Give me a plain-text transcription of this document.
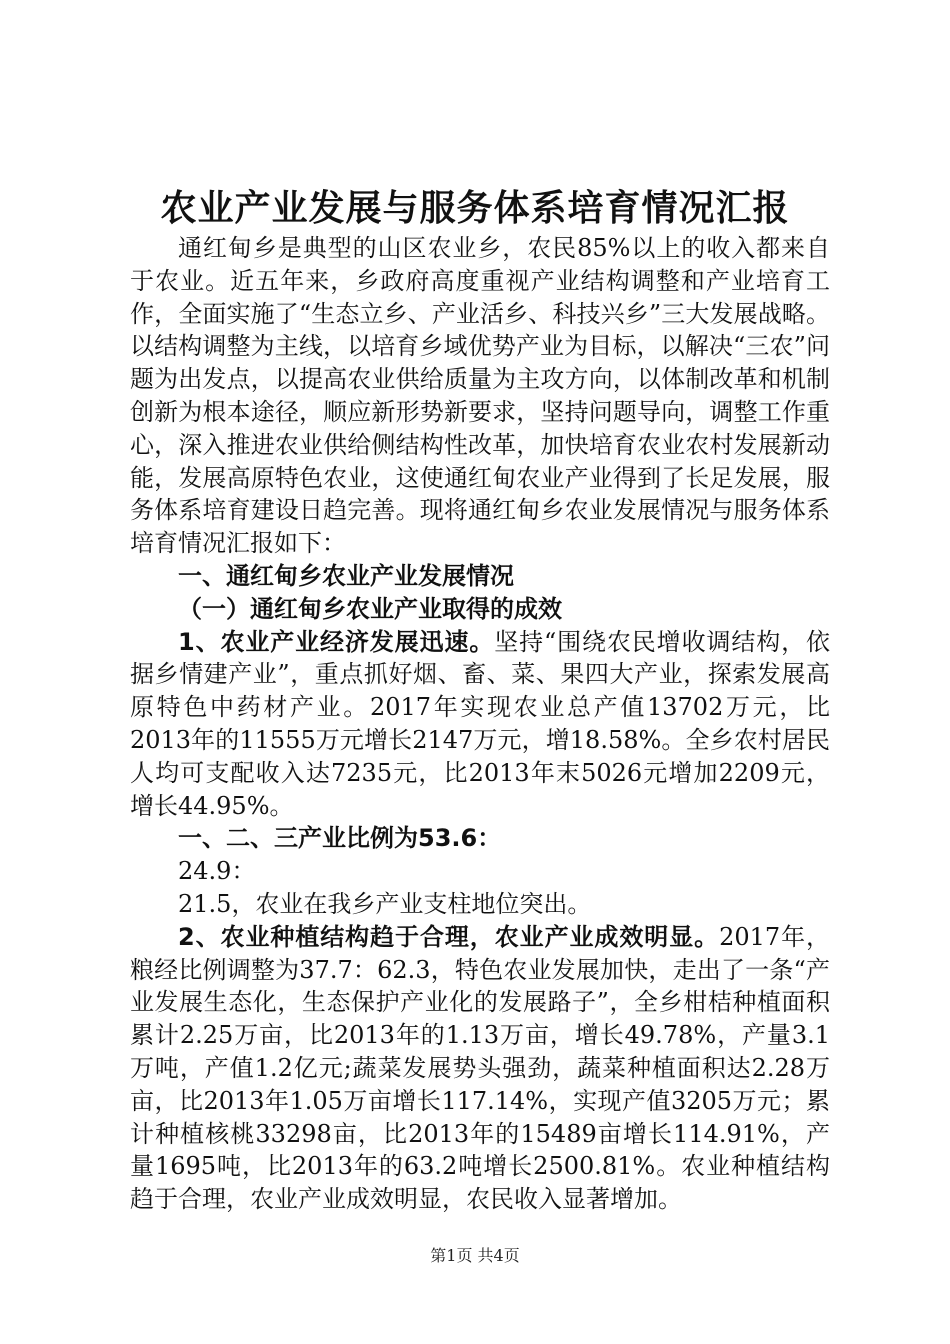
农业产业发展与服务体系培育情况汇报

通红甸乡是典型的山区农业乡，农民85%以上的收入都来自于农业。近五年来，乡政府高度重视产业结构调整和产业培育工作，全面实施了“生态立乡、产业活乡、科技兴乡”三大发展战略。以结构调整为主线，以培育乡域优势产业为目标，以解决“三农”问题为出发点，以提高农业供给质量为主攻方向，以体制改革和机制创新为根本途径，顺应新形势新要求，坚持问题导向，调整工作重心，深入推进农业供给侧结构性改革，加快培育农业农村发展新动能，发展高原特色农业，这使通红甸农业产业得到了长足发展，服务体系培育建设日趋完善。现将通红甸乡农业发展情况与服务体系培育情况汇报如下：

一、通红甸乡农业产业发展情况

（一）通红甸乡农业产业取得的成效

1、农业产业经济发展迅速。坚持“围绕农民增收调结构，依据乡情建产业”，重点抓好烟、畜、菜、果四大产业，探索发展高原特色中药材产业。2017年实现农业总产值13702万元，比2013年的11555万元增长2147万元，增18.58%。全乡农村居民人均可支配收入达7235元，比2013年末5026元增加2209元，增长44.95%。

一、二、三产业比例为53.6：

24.9：

21.5，农业在我乡产业支柱地位突出。

2、农业种植结构趋于合理，农业产业成效明显。2017年，粮经比例调整为37.7：62.3，特色农业发展加快，走出了一条“产业发展生态化，生态保护产业化的发展路子”，全乡柑桔种植面积累计2.25万亩，比2013年的1.13万亩，增长49.78%，产量3.1万吨，产值1.2亿元;蔬菜发展势头强劲，蔬菜种植面积达2.28万亩，比2013年1.05万亩增长117.14%，实现产值3205万元；累计种植核桃33298亩，比2013年的15489亩增长114.91%，产量1695吨，比2013年的63.2吨增长2500.81%。农业种植结构趋于合理，农业产业成效明显，农民收入显著增加。

第1页 共4页
